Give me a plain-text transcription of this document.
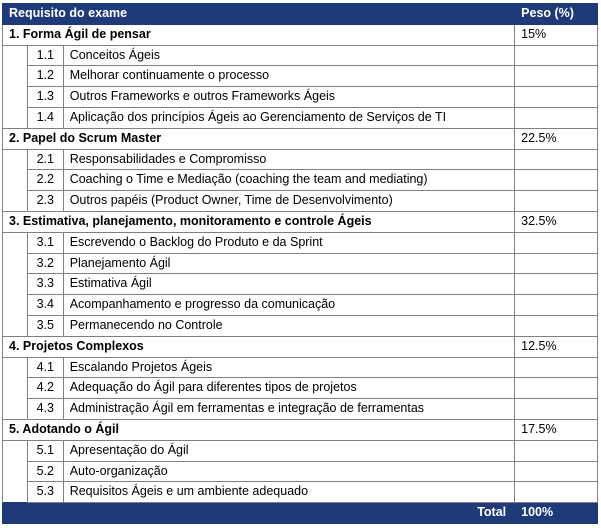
Requisito do exame			Peso (%)
1. Forma Ágil de pensar			15%
	1.1	Conceitos Ágeis	
	1.2	Melhorar continuamente o processo	
	1.3	Outros Frameworks e outros Frameworks Ágeis	
	1.4	Aplicação dos princípios Ágeis ao Gerenciamento de Serviços de TI	
2. Papel do Scrum Master			22.5%
	2.1	Responsabilidades e Compromisso	
	2.2	Coaching o Time e Mediação (coaching the team and mediating)	
	2.3	Outros papéis (Product Owner, Time de Desenvolvimento)	
3. Estimativa, planejamento, monitoramento e controle Ágeis			32.5%
	3.1	Escrevendo o Backlog do Produto e da Sprint	
	3.2	Planejamento Ágil	
	3.3	Estimativa Ágil	
	3.4	Acompanhamento e progresso da comunicação	
	3.5	Permanecendo no Controle	
4. Projetos Complexos			12.5%
	4.1	Escalando Projetos Ágeis	
	4.2	Adequação do Ágil para diferentes tipos de projetos	
	4.3	Administração Ágil em ferramentas e integração de ferramentas	
5. Adotando o Ágil			17.5%
	5.1	Apresentação do Ágil	
	5.2	Auto-organização	
	5.3	Requisitos Ágeis e um ambiente adequado	
Total			100%
